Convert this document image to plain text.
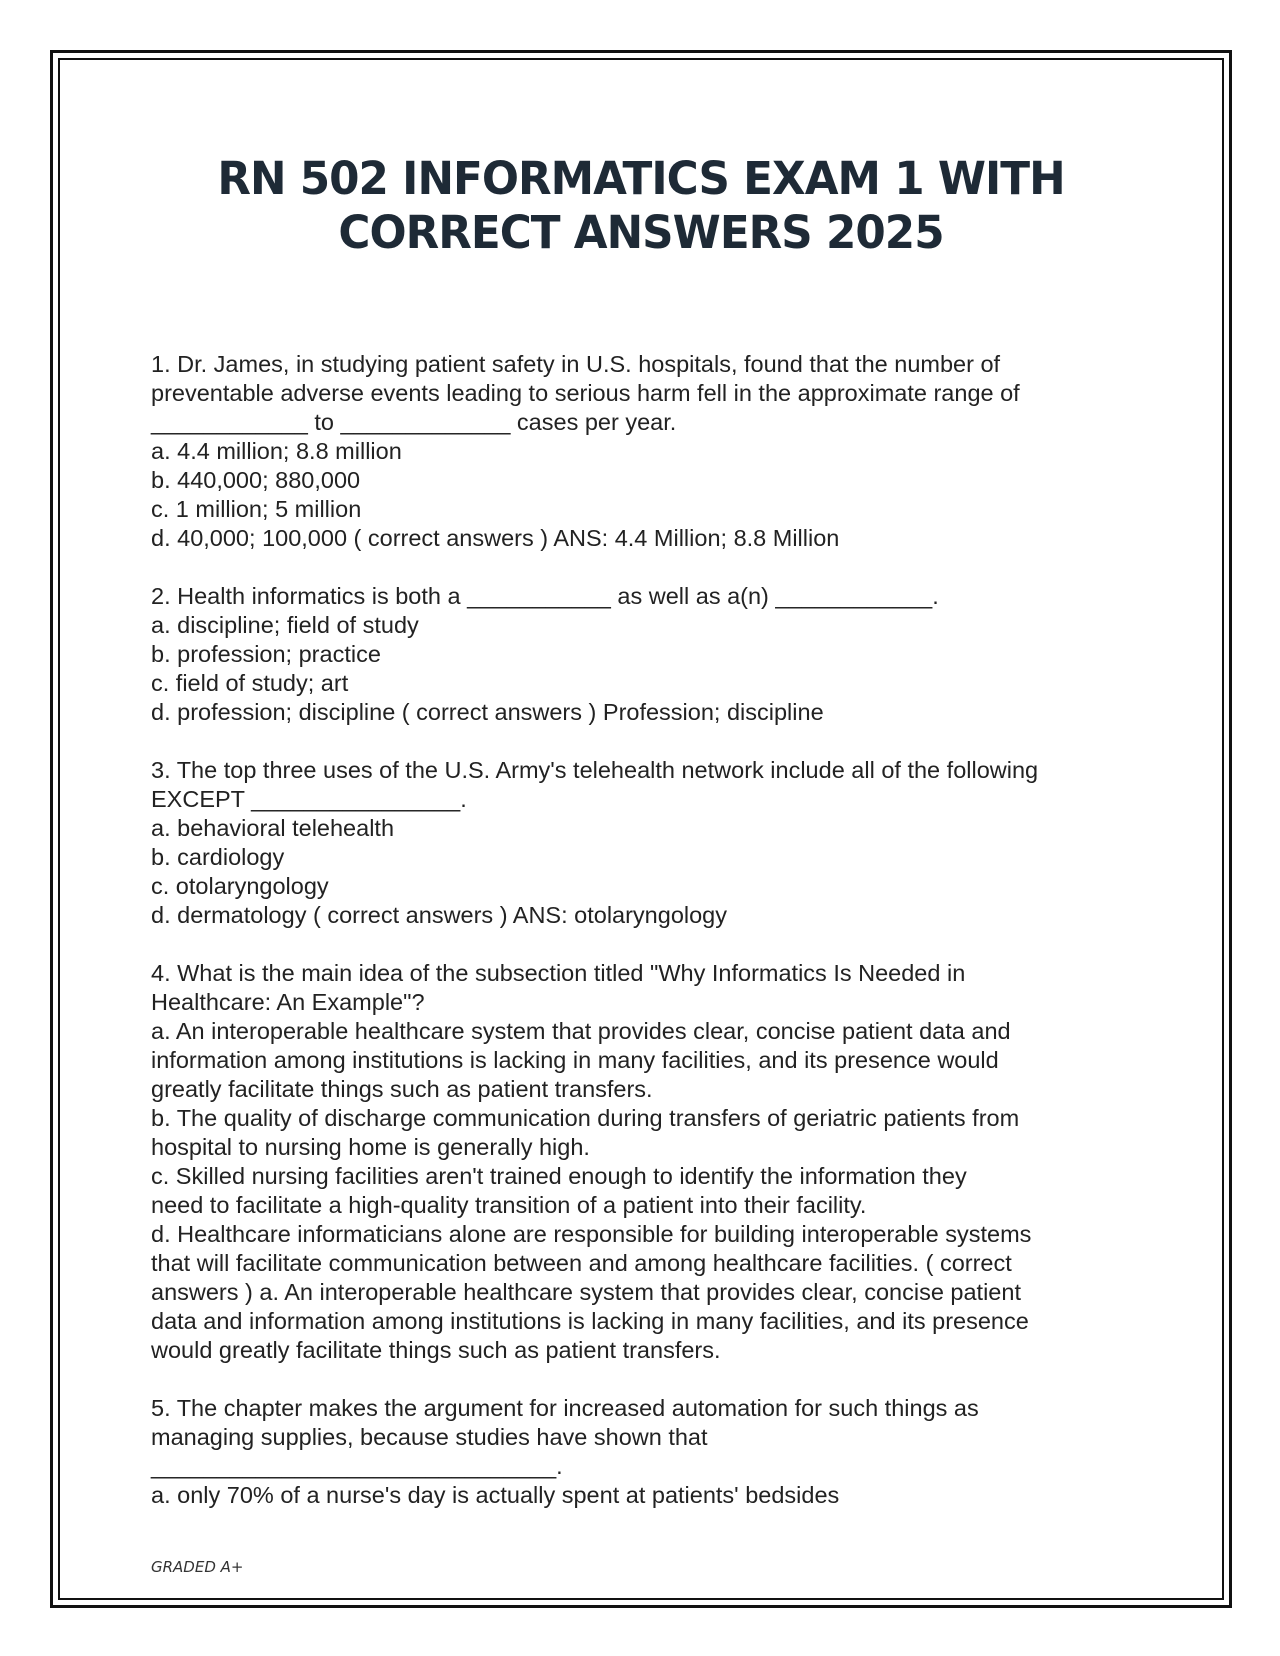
RN 502 INFORMATICS EXAM 1 WITH
CORRECT ANSWERS 2025
1. Dr. James, in studying patient safety in U.S. hospitals, found that the number of
preventable adverse events leading to serious harm fell in the approximate range of
____________ to _____________ cases per year.
a. 4.4 million; 8.8 million
b. 440,000; 880,000
c. 1 million; 5 million
d. 40,000; 100,000 ( correct answers ) ANS: 4.4 Million; 8.8 Million
2. Health informatics is both a ___________ as well as a(n) ____________.
a. discipline; field of study
b. profession; practice
c. field of study; art
d. profession; discipline ( correct answers ) Profession; discipline
3. The top three uses of the U.S. Army's telehealth network include all of the following
EXCEPT ________________.
a. behavioral telehealth
b. cardiology
c. otolaryngology
d. dermatology ( correct answers ) ANS: otolaryngology
4. What is the main idea of the subsection titled "Why Informatics Is Needed in
Healthcare: An Example"?
a. An interoperable healthcare system that provides clear, concise patient data and
information among institutions is lacking in many facilities, and its presence would
greatly facilitate things such as patient transfers.
b. The quality of discharge communication during transfers of geriatric patients from
hospital to nursing home is generally high.
c. Skilled nursing facilities aren't trained enough to identify the information they
need to facilitate a high-quality transition of a patient into their facility.
d. Healthcare informaticians alone are responsible for building interoperable systems
that will facilitate communication between and among healthcare facilities. ( correct
answers ) a. An interoperable healthcare system that provides clear, concise patient
data and information among institutions is lacking in many facilities, and its presence
would greatly facilitate things such as patient transfers.
5. The chapter makes the argument for increased automation for such things as
managing supplies, because studies have shown that
_______________________________.
a. only 70% of a nurse's day is actually spent at patients' bedsides
GRADED A+
